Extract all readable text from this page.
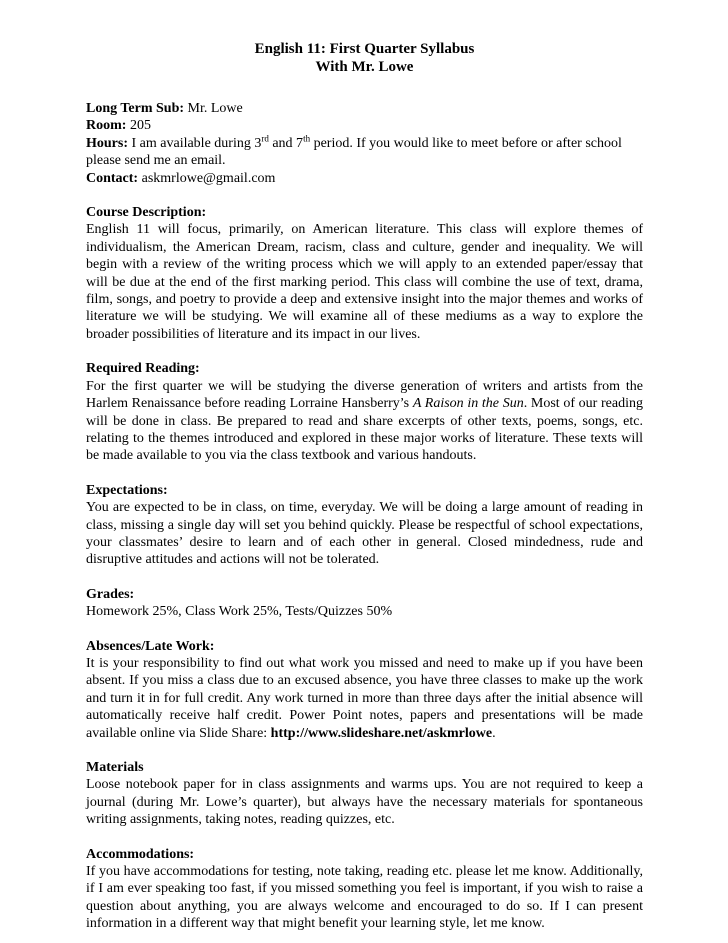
English 11: First Quarter Syllabus
With Mr. Lowe

Long Term Sub: Mr. Lowe

Room: 205

Hours: I am available during 3rd and 7th period. If you would like to meet before or after school please send me an email.

Contact: askmrlowe@gmail.com

Course Description:

English 11 will focus, primarily, on American literature. This class will explore themes of individualism, the American Dream, racism, class and culture, gender and inequality. We will begin with a review of the writing process which we will apply to an extended paper/essay that will be due at the end of the first marking period. This class will combine the use of text, drama, film, songs, and poetry to provide a deep and extensive insight into the major themes and works of literature we will be studying. We will examine all of these mediums as a way to explore the broader possibilities of literature and its impact in our lives.

Required Reading:

For the first quarter we will be studying the diverse generation of writers and artists from the Harlem Renaissance before reading Lorraine Hansberry’s A Raison in the Sun. Most of our reading will be done in class. Be prepared to read and share excerpts of other texts, poems, songs, etc. relating to the themes introduced and explored in these major works of literature. These texts will be made available to you via the class textbook and various handouts.

Expectations:

You are expected to be in class, on time, everyday. We will be doing a large amount of reading in class, missing a single day will set you behind quickly. Please be respectful of school expectations, your classmates’ desire to learn and of each other in general. Closed mindedness, rude and disruptive attitudes and actions will not be tolerated.

Grades:

Homework 25%, Class Work 25%, Tests/Quizzes 50%

Absences/Late Work:

It is your responsibility to find out what work you missed and need to make up if you have been absent. If you miss a class due to an excused absence, you have three classes to make up the work and turn it in for full credit. Any work turned in more than three days after the initial absence will automatically receive half credit. Power Point notes, papers and presentations will be made available online via Slide Share: http://www.slideshare.net/askmrlowe.

Materials

Loose notebook paper for in class assignments and warms ups. You are not required to keep a journal (during Mr. Lowe’s quarter), but always have the necessary materials for spontaneous writing assignments, taking notes, reading quizzes, etc.

Accommodations:

If you have accommodations for testing, note taking, reading etc. please let me know. Additionally, if I am ever speaking too fast, if you missed something you feel is important, if you wish to raise a question about anything, you are always welcome and encouraged to do so. If I can present information in a different way that might benefit your learning style, let me know.
